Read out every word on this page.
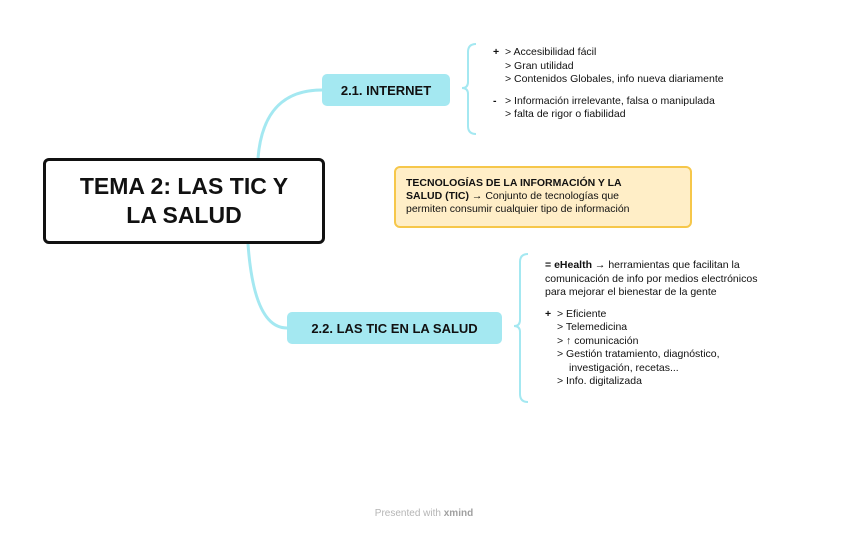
TEMA 2: LAS TIC Y
LA SALUD
2.1. INTERNET
2.2. LAS TIC EN LA SALUD
TECNOLOGÍAS DE LA INFORMACIÓN Y LA
SALUD (TIC) → Conjunto de tecnologías que
permiten consumir cualquier tipo de información
+ > Accesibilidad fácil
> Gran utilidad
> Contenidos Globales, info nueva diariamente
- > Información irrelevante, falsa o manipulada
> falta de rigor o fiabilidad
= eHealth → herramientas que facilitan la
comunicación de info por medios electrónicos
para mejorar el bienestar de la gente
+ > Eficiente
> Telemedicina
> ↑ comunicación
> Gestión tratamiento, diagnóstico,
investigación, recetas...
> Info. digitalizada
Presented with xmind
